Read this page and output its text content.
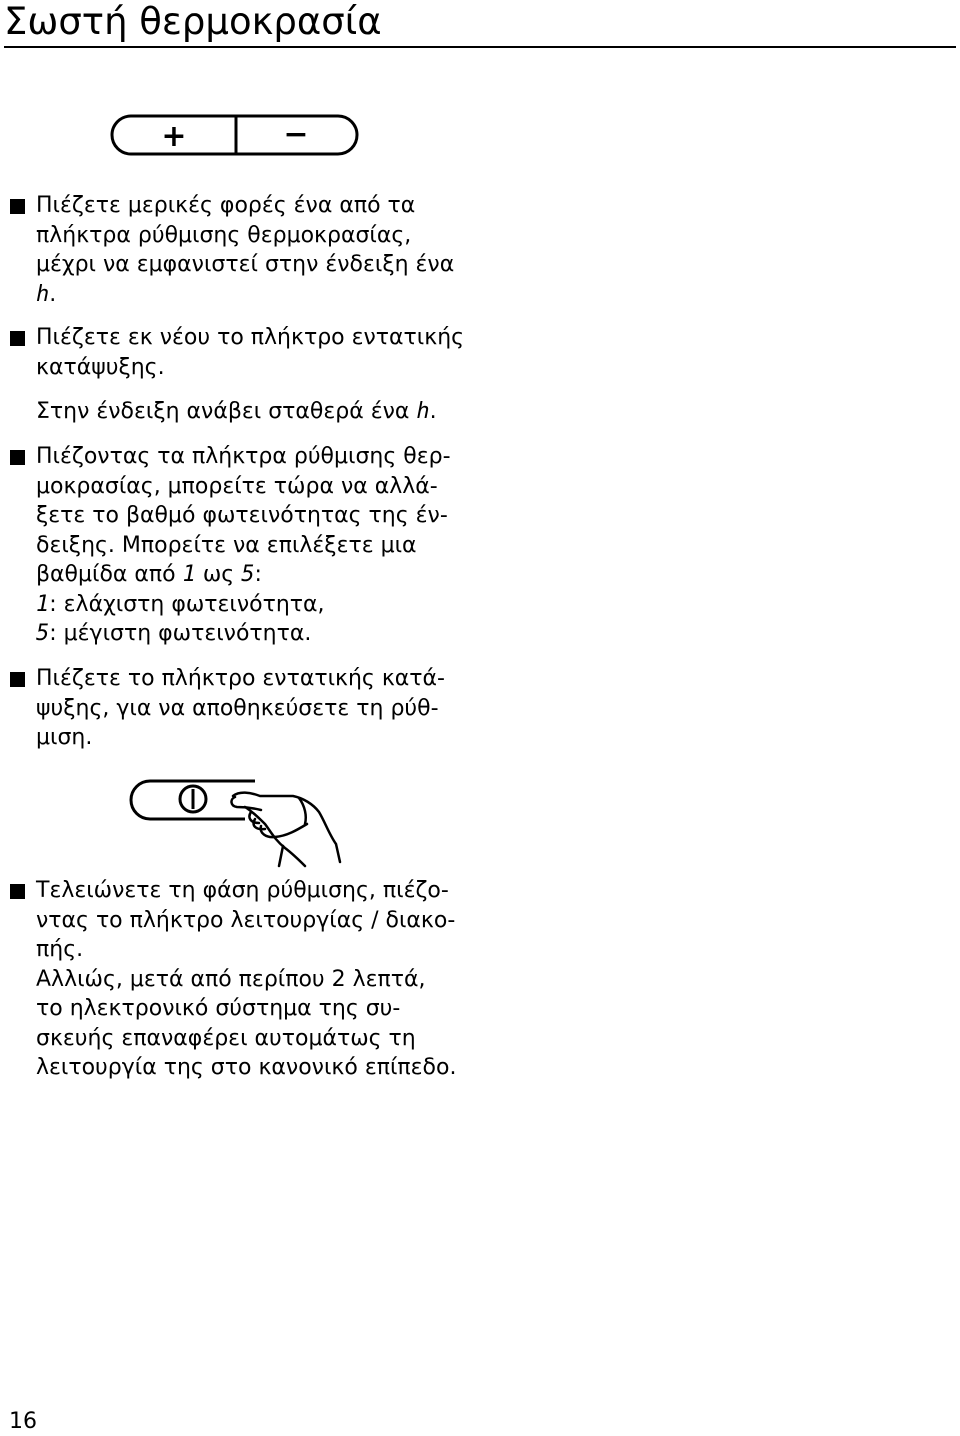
Σωστή θερμοκρασία
+	−

Πιέζετε μερικές φορές ένα από τα
πλήκτρα ρύθμισης θερμοκρασίας,
μέχρι να εμφανιστεί στην ένδειξη ένα
h.

Πιέζετε εκ νέου το πλήκτρο εντατικής
κατάψυξης.

Στην ένδειξη ανάβει σταθερά ένα h.

Πιέζοντας τα πλήκτρα ρύθμισης θερ-
μοκρασίας, μπορείτε τώρα να αλλά-
ξετε το βαθμό φωτεινότητας της έν-
δειξης. Μπορείτε να επιλέξετε μια
βαθμίδα από 1 ως 5:
1: ελάχιστη φωτεινότητα,
5: μέγιστη φωτεινότητα.

Πιέζετε το πλήκτρο εντατικής κατά-
ψυξης, για να αποθηκεύσετε τη ρύθ-
μιση.

Τελειώνετε τη φάση ρύθμισης, πιέζο-
ντας το πλήκτρο λειτουργίας / διακο-
πής.
Αλλιώς, μετά από περίπου 2 λεπτά,
το ηλεκτρονικό σύστημα της συ-
σκευής επαναφέρει αυτομάτως τη
λειτουργία της στο κανονικό επίπεδο.

16
